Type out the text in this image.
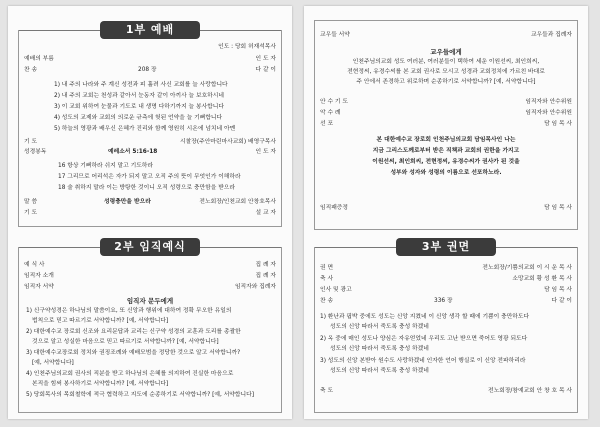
1부 예배
인도 : 당회 허재석목사
예배의 부름	인 도 자
찬 송	208 장	다 같 이
1) 내 주의 나라와 주 계신 성전과 피 흘려 사신 교회를 늘 사랑합니다
2) 내 주의 교회는 천성과 같아서 눈동자 같이 아끼사 늘 보호하시네
3) 이 교회 위하여 눈물과 기도로 내 생명 다하기까지 늘 봉사합니다
4) 성도의 교제와 교회의 의로운 규측에 헛된 언약을 늘 기뻐합니다
5) 하늘의 영광과 배우신 은혜가 진리와 함께 영원히 시온에 넘치네 아멘
기 도	시찰장(주안마린마사교회) 배영구목사
성경봉독	예레소서 5:16-18	인 도 자
16 항상 기뻐하라 쉬지 말고 기도하라
17 그리므로 어리석은 자가 되지 말고 오직 주의 뜻이 무엇인가 이해하라
18 술 취하지 말라 이는 방탕한 것이니 오직 성령으로 충만함을 받으라
말 씀	성령충만을 받으라	전노회장/인천교회 안창호목사
기 도	설 교 자
2부 임직예식
예 식 사	집 례 자
임직자 소개	집 례 자
임직자 서약	임직자와 집례자
임직자 문두에게
1) 신구약성경은 하나님의 말씀이요, 또 신앙과 행위에 대하여 정확 무오한 유일의
법칙으로 믿고 따르기로 서약합니까? [예, 서약합니다]
2) 대한예수교 장로회 신조와 요리문답과 교리는 신구약 성경의 교훈과 도리를 총괄한
것으로 알고 성실한 마음으로 믿고 따르기로 서약합니까? [예, 서약합니다]
3) 대한예수교장로회 정치와 권징조례와 예배모범을 정당한 것으로 알고 서약합니까?
[예, 서약합니다]
4) 인천주님의교회 권사의 직분을 받고 하나님의 은혜를 의지하여 진실한 마음으로
본직을 힘써 봉사하기로 서약합니까? [예, 서약합니다]
5) 당회목사의 목회철학에 적극 협력하고 지도에 순종하기로 서약합니까? [예, 서약합니다]
교우들 서약	교우들과 집례자
교우들에게
인천주님의교회 성도 여러분, 여러분들이 택하여 세운 이원선씨, 최인희씨,
전현정씨, 유경수씨를 본 교회 권사로 모시고 성경과 교회정치에 가르친 바대로
주 안에서 존경하고 위로하며 순종하기로 서약합니까? [예, 서약합니다]
안 수 기 도	임직자와 안수위원
악 수 례	임직자와 안수위원
선 포	담 임 목 사
본 대한예수교 장로회 인천주님의교회 담임목사인 나는
지금 그리스도께로부터 받은 직책과 교회의 권한을 가지고
이원선씨, 최인희씨, 전현정씨, 유경수씨가 권사가 된 것을
성부와 성자와 성령의 이름으로 선포하노라.
임직패증정	담 임 목 사
3부 권면
권 면	전노회장/기쁨의교회 이 시 운 목 사
축 사	소망교회 황 성 환 목 사
인사 및 광고	담 임 목 사
찬 송	336 장	다 같 이
1) 환난과 핍박 중에도 성도는 신앙 지켰네 이 신앙 생각 할 때에 기쁨이 충만하도다
성도의 신앙 따라서 죽도록 충성 하겠네
2) 옥 중에 매인 성도나 양심은 자유얻었네 우리도 고난 받으면 죽어도 영광 되도다
성도의 신앙 따라서 죽도록 충성 하겠네
3) 성도의 신앙 본받아 원수도 사랑하겠네 인자한 언어 행실로 이 신앙 전파하리라
성도의 신앙 따라서 죽도록 충성 하겠네
축 도	전노회장/참예교회 안 창 호 목 사
